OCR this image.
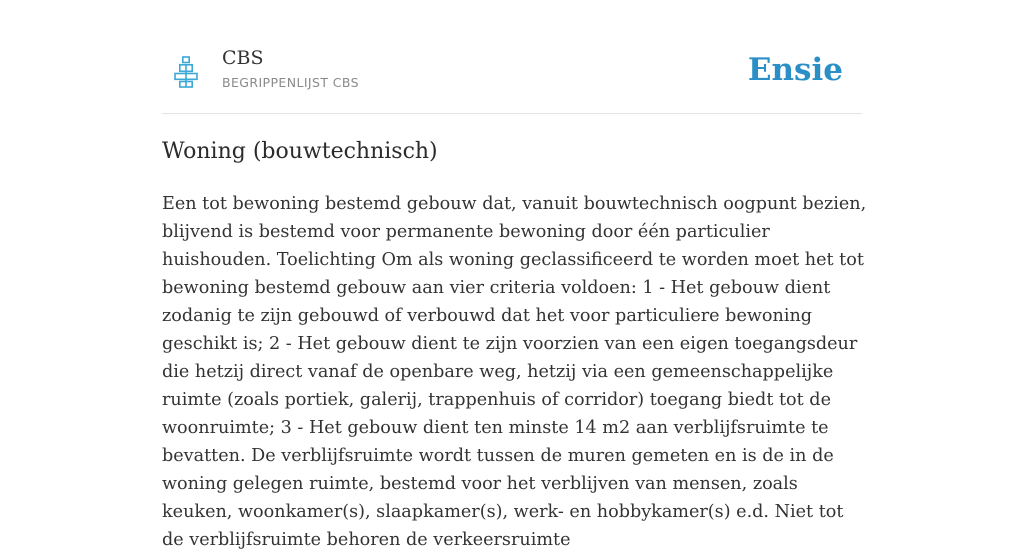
CBS
BEGRIPPENLIJST CBS	Ensie
Woning (bouwtechnisch)

Een tot bewoning bestemd gebouw dat, vanuit bouwtechnisch oogpunt bezien, blijvend is bestemd voor permanente bewoning door één particulier huishouden. Toelichting Om als woning geclassificeerd te worden moet het tot bewoning bestemd gebouw aan vier criteria voldoen: 1 - Het gebouw dient zodanig te zijn gebouwd of verbouwd dat het voor particuliere bewoning geschikt is; 2 - Het gebouw dient te zijn voorzien van een eigen toegangsdeur die hetzij direct vanaf de openbare weg, hetzij via een gemeenschappelijke ruimte (zoals portiek, galerij, trappenhuis of corridor) toegang biedt tot de woonruimte; 3 - Het gebouw dient ten minste 14 m2 aan verblijfsruimte te bevatten. De verblijfsruimte wordt tussen de muren gemeten en is de in de woning gelegen ruimte, bestemd voor het verblijven van mensen, zoals keuken, woonkamer(s), slaapkamer(s), werk- en hobbykamer(s) e.d. Niet tot de verblijfsruimte behoren de verkeersruimte
